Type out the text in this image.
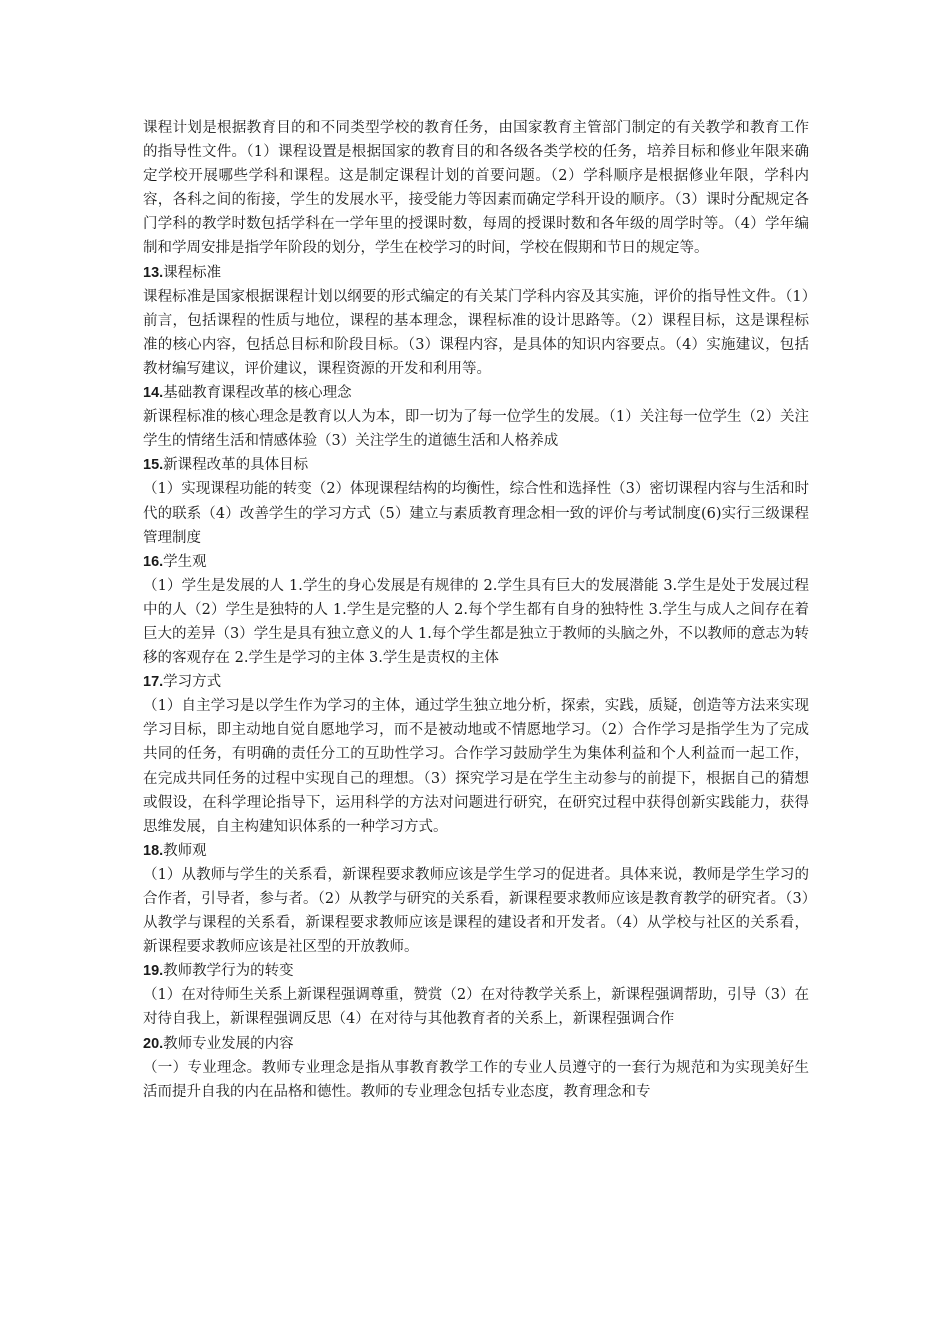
课程计划是根据教育目的和不同类型学校的教育任务，由国家教育主管部门制定的有关教学和教育工作的指导性文件。（1）课程设置是根据国家的教育目的和各级各类学校的任务，培养目标和修业年限来确定学校开展哪些学科和课程。这是制定课程计划的首要问题。（2）学科顺序是根据修业年限，学科内容，各科之间的衔接，学生的发展水平，接受能力等因素而确定学科开设的顺序。（3）课时分配规定各门学科的教学时数包括学科在一学年里的授课时数，每周的授课时数和各年级的周学时等。（4）学年编制和学周安排是指学年阶段的划分，学生在校学习的时间，学校在假期和节日的规定等。

13.课程标准

课程标准是国家根据课程计划以纲要的形式编定的有关某门学科内容及其实施，评价的指导性文件。（1）前言，包括课程的性质与地位，课程的基本理念，课程标准的设计思路等。（2）课程目标，这是课程标准的核心内容，包括总目标和阶段目标。（3）课程内容，是具体的知识内容要点。（4）实施建议，包括教材编写建议，评价建议，课程资源的开发和利用等。

14.基础教育课程改革的核心理念

新课程标准的核心理念是教育以人为本，即一切为了每一位学生的发展。（1）关注每一位学生（2）关注学生的情绪生活和情感体验（3）关注学生的道德生活和人格养成

15.新课程改革的具体目标

（1）实现课程功能的转变（2）体现课程结构的均衡性，综合性和选择性（3）密切课程内容与生活和时代的联系（4）改善学生的学习方式（5）建立与素质教育理念相一致的评价与考试制度(6)实行三级课程管理制度

16.学生观

（1）学生是发展的人 1.学生的身心发展是有规律的 2.学生具有巨大的发展潜能 3.学生是处于发展过程中的人（2）学生是独特的人 1.学生是完整的人 2.每个学生都有自身的独特性 3.学生与成人之间存在着巨大的差异（3）学生是具有独立意义的人 1.每个学生都是独立于教师的头脑之外，不以教师的意志为转移的客观存在 2.学生是学习的主体 3.学生是责权的主体

17.学习方式

（1）自主学习是以学生作为学习的主体，通过学生独立地分析，探索，实践，质疑，创造等方法来实现学习目标，即主动地自觉自愿地学习，而不是被动地或不情愿地学习。（2）合作学习是指学生为了完成共同的任务，有明确的责任分工的互助性学习。合作学习鼓励学生为集体利益和个人利益而一起工作，在完成共同任务的过程中实现自己的理想。（3）探究学习是在学生主动参与的前提下，根据自己的猜想或假设，在科学理论指导下，运用科学的方法对问题进行研究，在研究过程中获得创新实践能力，获得思维发展，自主构建知识体系的一种学习方式。

18.教师观

（1）从教师与学生的关系看，新课程要求教师应该是学生学习的促进者。具体来说，教师是学生学习的合作者，引导者，参与者。（2）从教学与研究的关系看，新课程要求教师应该是教育教学的研究者。（3）从教学与课程的关系看，新课程要求教师应该是课程的建设者和开发者。（4）从学校与社区的关系看，新课程要求教师应该是社区型的开放教师。

19.教师教学行为的转变

（1）在对待师生关系上新课程强调尊重，赞赏（2）在对待教学关系上，新课程强调帮助，引导（3）在对待自我上，新课程强调反思（4）在对待与其他教育者的关系上，新课程强调合作

20.教师专业发展的内容

（一）专业理念。教师专业理念是指从事教育教学工作的专业人员遵守的一套行为规范和为实现美好生活而提升自我的内在品格和德性。教师的专业理念包括专业态度，教育理念和专
